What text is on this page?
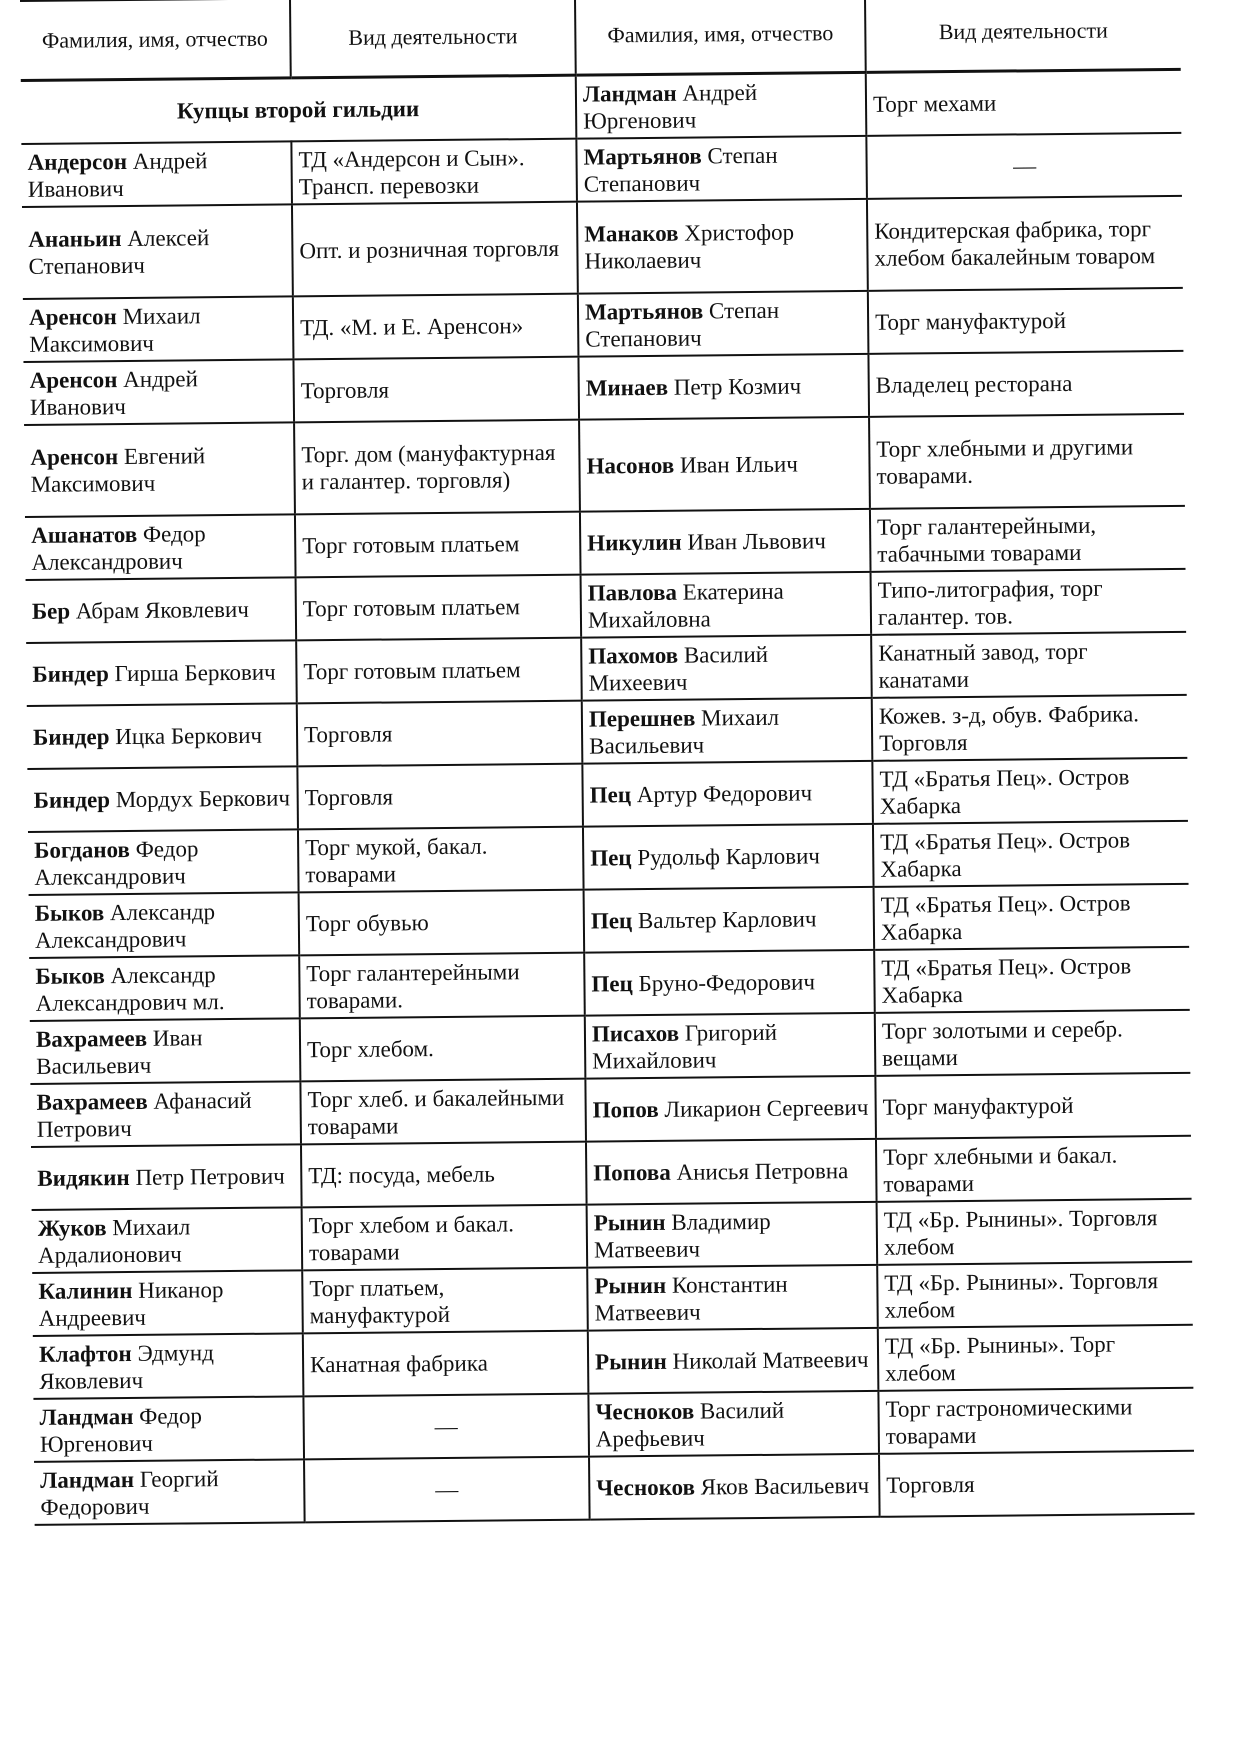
Фамилия, имя, отчество	Вид деятельности	Фамилия, имя, отчество	Вид деятельности
Купцы второй гильдии		Ландман Андрей Юргенович	Торг мехами
Андерсон Андрей Иванович	ТД «Андерсон и Сын». Трансп. перевозки	Мартьянов Степан Степанович	—
Ананьин Алексей Степанович	Опт. и розничная торговля	Манаков Христофор Николаевич	Кондитерская фабрика, торг хлебом бакалейным товаром
Аренсон Михаил Максимович	ТД. «М. и Е. Аренсон»	Мартьянов Степан Степанович	Торг мануфактурой
Аренсон Андрей Иванович	Торговля	Минаев Петр Козмич	Владелец ресторана
Аренсон Евгений Максимович	Торг. дом (мануфактурная и галантер. торговля)	Насонов Иван Ильич	Торг хлебными и другими товарами.
Ашанатов Федор Александрович	Торг готовым платьем	Никулин Иван Львович	Торг галантерейными, табачными товарами
Бер Абрам Яковлевич	Торг готовым платьем	Павлова Екатерина Михайловна	Типо-литография, торг галантер. тов.
Биндер Гирша Беркович	Торг готовым платьем	Пахомов Василий Михеевич	Канатный завод, торг канатами
Биндер Ицка Беркович	Торговля	Перешнев Михаил Васильевич	Кожев. з-д, обув. Фабрика. Торговля
Биндер Мордух Беркович	Торговля	Пец Артур Федорович	ТД «Братья Пец». Остров Хабарка
Богданов Федор Александрович	Торг мукой, бакал. товарами	Пец Рудольф Карлович	ТД «Братья Пец». Остров Хабарка
Быков Александр Александрович	Торг обувью	Пец Вальтер Карлович	ТД «Братья Пец». Остров Хабарка
Быков Александр Александрович мл.	Торг галантерейными товарами.	Пец Бруно-Федорович	ТД «Братья Пец». Остров Хабарка
Вахрамеев Иван Васильевич	Торг хлебом.	Писахов Григорий Михайлович	Торг золотыми и серебр. вещами
Вахрамеев Афанасий Петрович	Торг хлеб. и бакалейными товарами	Попов Ликарион Сергеевич	Торг мануфактурой
Видякин Петр Петрович	ТД: посуда, мебель	Попова Анисья Петровна	Торг хлебными и бакал. товарами
Жуков Михаил Ардалионович	Торг хлебом и бакал. товарами	Рынин Владимир Матвеевич	ТД «Бр. Рынины». Торговля хлебом
Калинин Никанор Андреевич	Торг платьем, мануфактурой	Рынин Константин Матвеевич	ТД «Бр. Рынины». Торговля хлебом
Клафтон Эдмунд Яковлевич	Канатная фабрика	Рынин Николай Матвеевич	ТД «Бр. Рынины». Торг хлебом
Ландман Федор Юргенович	—	Чесноков Василий Арефьевич	Торг гастрономическими товарами
Ландман Георгий Федорович	—	Чесноков Яков Васильевич	Торговля
